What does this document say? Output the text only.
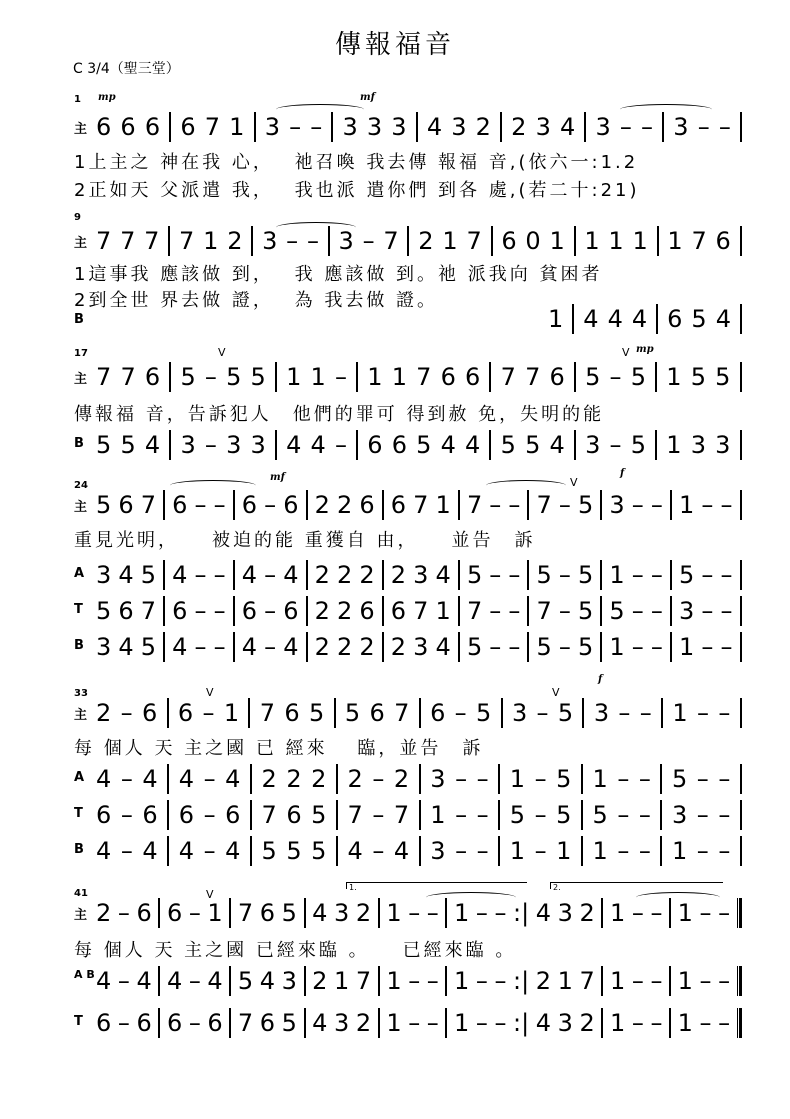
傳報福音
C 3/4（聖三堂）
1 mp	mf
主 6 6 6 6 7 1 3 – – 3 3 3 4 3 2 2 3 4 3 – – 3 – –
1上主之 神在我 心，　 祂召喚 我去傳 報福 音,(依六一:1.2
2正如天 父派遣 我，　 我也派 遣你們 到各 處,(若二十:21)
9
主 7 7 7 7 1 2 3 – – 3 – 7 2 1 7 6 0 1 1 1 1 1 7 6
1這事我 應該做 到，　 我 應該做 到。祂 派我向 貧困者
2到全世 界去做 證，　 為 我去做 證。
B	1 4 4 4 6 5 4
17	V	V mp
主 7 7 6 5 – 5 5 1 1 – 1 1 7 6 6 7 7 6 5 – 5 1 5 5
傳報福 音，告訴犯人　他們的罪可 得到赦 免，失明的能
B 5 5 4 3 – 3 3 4 4 – 6 6 5 4 4 5 5 4 3 – 5 1 3 3
24
mf	V
f
主 5 6 7 6 – – 6 – 6 2 2 6 6 7 1 7 – – 7 – 5 3 – – 1 – –
重見光明，　　被迫的能 重獲自 由，　　並告　訴
A 3 4 5 4 – – 4 – 4 2 2 2 2 3 4 5 – – 5 – 5 1 – – 5 – –
T 5 6 7 6 – – 6 – 6 2 2 6 6 7 1 7 – – 7 – 5 5 – – 3 – –
B 3 4 5 4 – – 4 – 4 2 2 2 2 3 4 5 – – 5 – 5 1 – – 1 – –
33	V	V
f
主 2 – 6 6 – 1 7 6 5 5 6 7 6 – 5 3 – 5 3 – – 1 – –
每 個人 天 主之國 已 經來　 臨，並告　訴
A 4 – 4 4 – 4 2 2 2 2 – 2 3 – – 1 – 5 1 – – 5 – –
T 6 – 6 6 – 6 7 6 5 7 – 7 1 – – 5 – 5 5 – – 3 – –
B 4 – 4 4 – 4 5 5 5 4 – 4 3 – – 1 – 1 1 – – 1 – –
41	V
1.	2.
主 2 – 6 6 – 1 7 6 5 4 3 2 1 – – 1 – – :| 4 3 2 1 – – 1 – –
每 個人 天 主之國 已經來臨 。　　已經來臨 。
A B 4 – 4 4 – 4 5 4 3 2 1 7 1 – – 1 – – :| 2 1 7 1 – – 1 – –
T 6 – 6 6 – 6 7 6 5 4 3 2 1 – – 1 – – :| 4 3 2 1 – – 1 – –
